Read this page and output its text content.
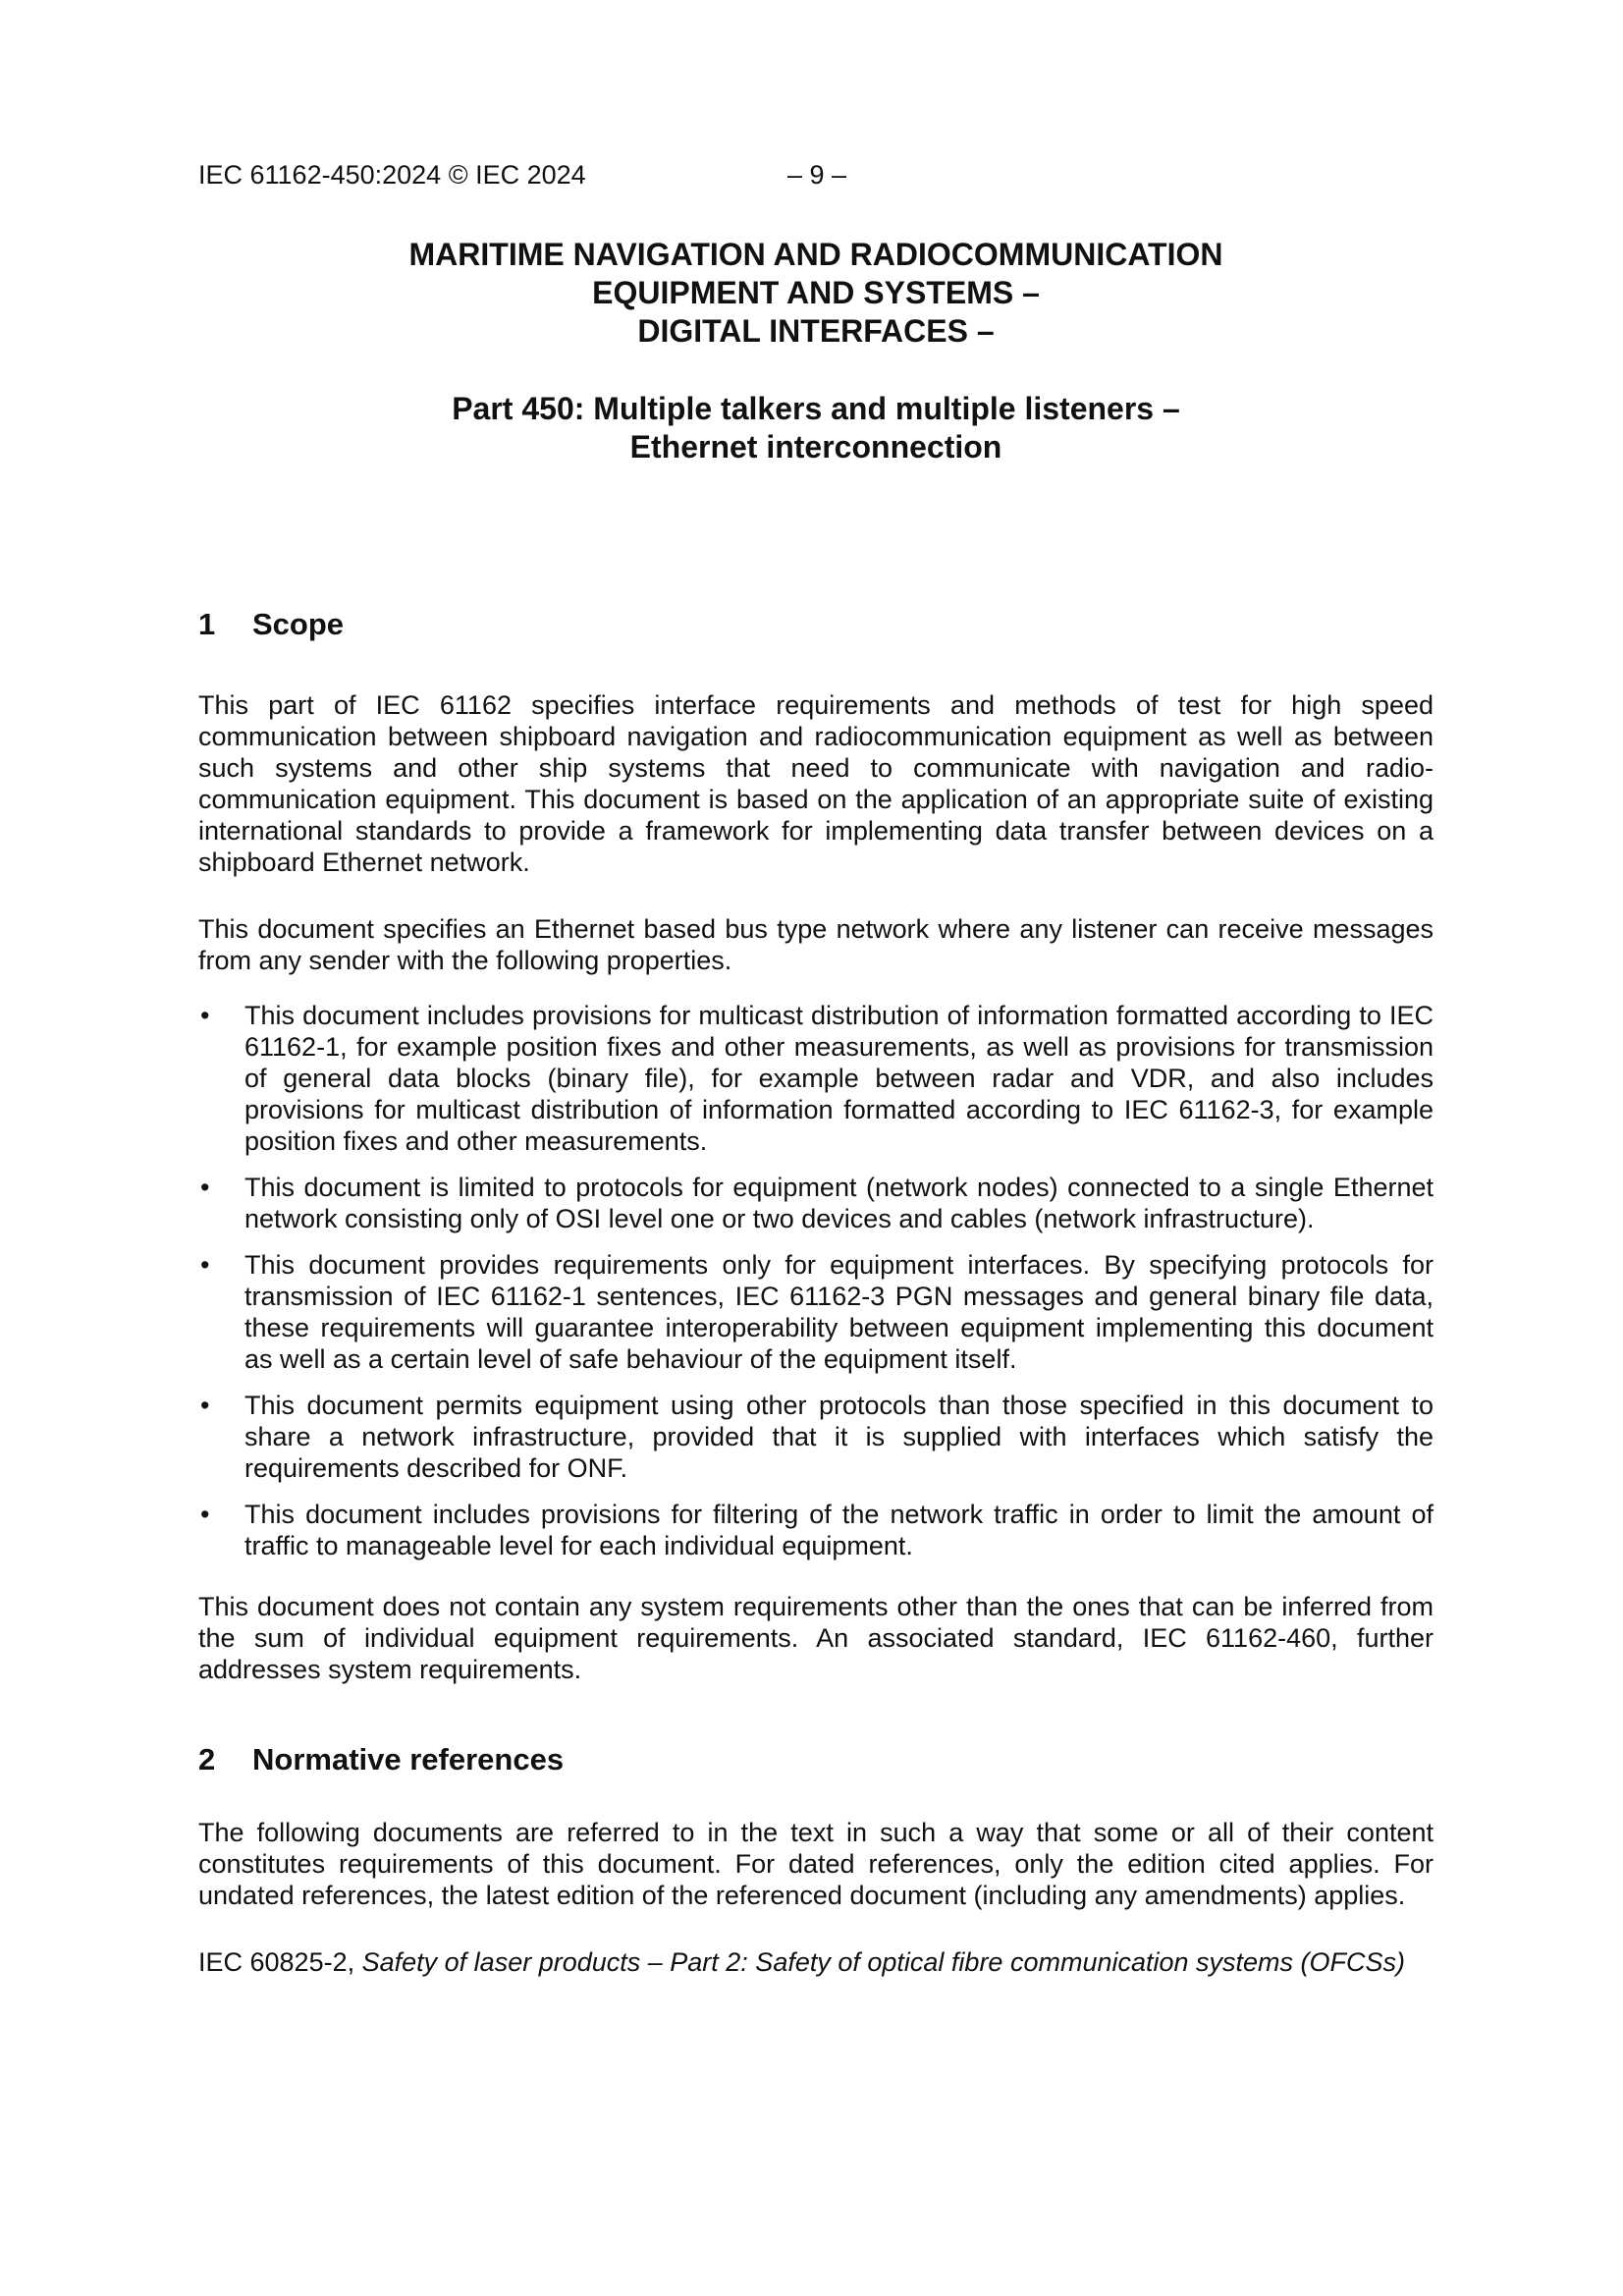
IEC 61162-450:2024 © IEC 2024	– 9 –
MARITIME NAVIGATION AND RADIOCOMMUNICATION
EQUIPMENT AND SYSTEMS –
DIGITAL INTERFACES –
Part 450: Multiple talkers and multiple listeners –
Ethernet interconnection
1 Scope

This part of IEC 61162 specifies interface requirements and methods of test for high speed communication between shipboard navigation and radiocommunication equipment as well as between such systems and other ship systems that need to communicate with navigation and radio-communication equipment. This document is based on the application of an appropriate suite of existing international standards to provide a framework for implementing data transfer between devices on a shipboard Ethernet network.

This document specifies an Ethernet based bus type network where any listener can receive messages from any sender with the following properties.

• This document includes provisions for multicast distribution of information formatted according to IEC 61162-1, for example position fixes and other measurements, as well as provisions for transmission of general data blocks (binary file), for example between radar and VDR, and also includes provisions for multicast distribution of information formatted according to IEC 61162-3, for example position fixes and other measurements.
• This document is limited to protocols for equipment (network nodes) connected to a single Ethernet network consisting only of OSI level one or two devices and cables (network infrastructure).
• This document provides requirements only for equipment interfaces. By specifying protocols for transmission of IEC 61162-1 sentences, IEC 61162-3 PGN messages and general binary file data, these requirements will guarantee interoperability between equipment implementing this document as well as a certain level of safe behaviour of the equipment itself.
• This document permits equipment using other protocols than those specified in this document to share a network infrastructure, provided that it is supplied with interfaces which satisfy the requirements described for ONF.
• This document includes provisions for filtering of the network traffic in order to limit the amount of traffic to manageable level for each individual equipment.

This document does not contain any system requirements other than the ones that can be inferred from the sum of individual equipment requirements. An associated standard, IEC 61162-460, further addresses system requirements.

2 Normative references

The following documents are referred to in the text in such a way that some or all of their content constitutes requirements of this document. For dated references, only the edition cited applies. For undated references, the latest edition of the referenced document (including any amendments) applies.

IEC 60825-2, Safety of laser products – Part 2: Safety of optical fibre communication systems (OFCSs)
